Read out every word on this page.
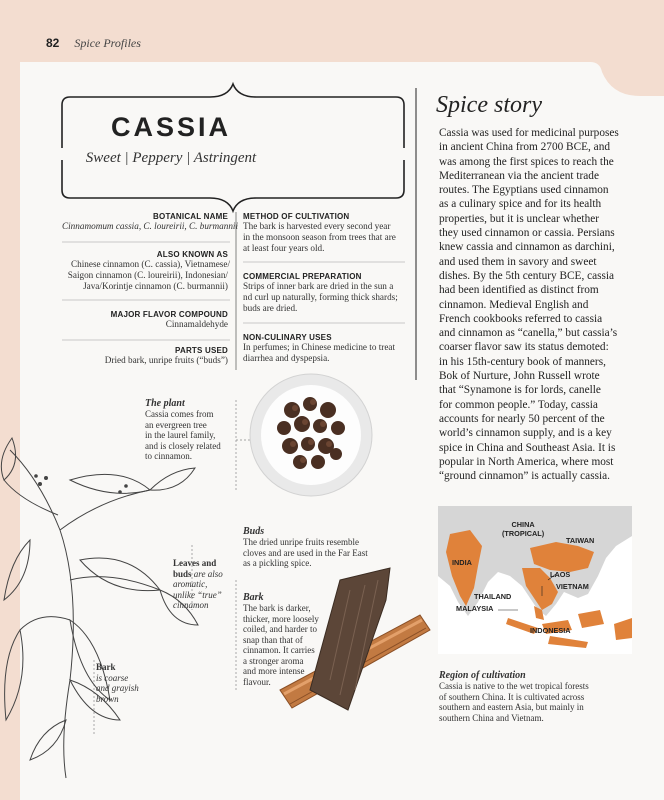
82 Spice Profiles
CASSIA
Sweet | Peppery | Astringent
BOTANICAL NAME
Cinnamomum cassia, C. loureirii, C. burmannii
ALSO KNOWN AS
Chinese cinnamon (C. cassia), Vietnamese/
Saigon cinnamon (C. loureirii), Indonesian/
Java/Korintje cinnamon (C. burmannii)
MAJOR FLAVOR COMPOUND
Cinnamaldehyde
PARTS USED
Dried bark, unripe fruits (“buds”)
METHOD OF CULTIVATION
The bark is harvested every second year
in the monsoon season from trees that are
at least four years old.
COMMERCIAL PREPARATION
Strips of inner bark are dried in the sun a
nd curl up naturally, forming thick shards;
buds are dried.
NON-CULINARY USES
In perfumes; in Chinese medicine to treat
diarrhea and dyspepsia.
Spice story
Cassia was used for medicinal purposes
in ancient China from 2700 BCE, and
was among the first spices to reach the
Mediterranean via the ancient trade
routes. The Egyptians used cinnamon
as a culinary spice and for its health
properties, but it is unclear whether
they used cinnamon or cassia. Persians
knew cassia and cinnamon as darchini,
and used them in savory and sweet
dishes. By the 5th century BCE, cassia
had been identified as distinct from
cinnamon. Medieval English and
French cookbooks referred to cassia
and cinnamon as “canella,” but cassia’s
coarser flavor saw its status demoted:
in his 15th-century book of manners,
Bok of Nurture, John Russell wrote
that “Synamone is for lords, canelle
for common people.” Today, cassia
accounts for nearly 50 percent of the
world’s cinnamon supply, and is a key
spice in China and Southeast Asia. It is
popular in North America, where most
“ground cinnamon” is actually cassia.
The plant
Cassia comes from
an evergreen tree
in the laurel family,
and is closely related
to cinnamon.
Leaves and
buds are also
aromatic,
unlike “true”
cinnamon
Bark
is coarse
and grayish
brown
Buds
The dried unripe fruits resemble
cloves and are used in the Far East
as a pickling spice.
Bark
The bark is darker,
thicker, more loosely
coiled, and harder to
snap than that of
cinnamon. It carries
a stronger aroma
and more intense
flavour.
CHINA
(TROPICAL)
TAIWAN
INDIA
LAOS
VIETNAM
THAILAND
MALAYSIA
INDONESIA
Region of cultivation
Cassia is native to the wet tropical forests
of southern China. It is cultivated across
southern and eastern Asia, but mainly in
southern China and Vietnam.
